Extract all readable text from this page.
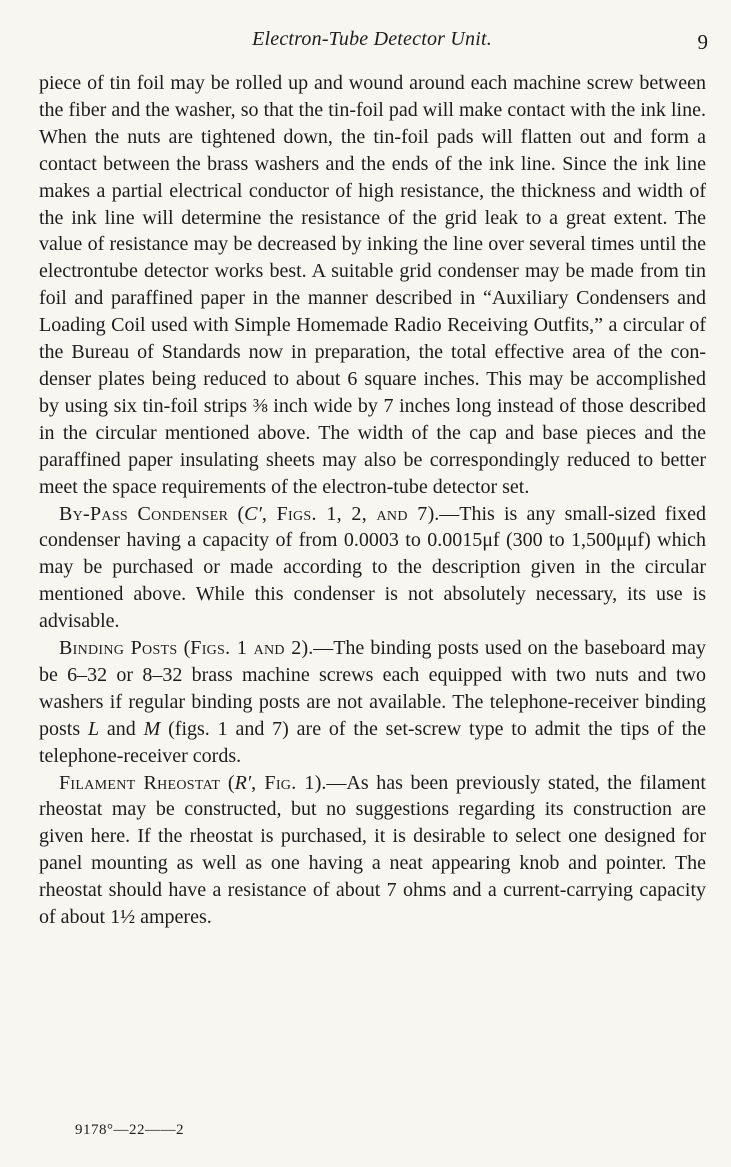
Electron-Tube Detector Unit.	9

piece of tin foil may be rolled up and wound around each machine screw between the fiber and the washer, so that the tin-foil pad will make contact with the ink line. When the nuts are tightened down, the tin-foil pads will flatten out and form a contact between the brass washers and the ends of the ink line. Since the ink line makes a partial electrical conductor of high resistance, the thickness and width of the ink line will determine the resistance of the grid leak to a great extent. The value of resistance may be decreased by inking the line over several times until the electrontube detector works best. A suitable grid condenser may be made from tin foil and paraffined paper in the manner described in “Auxiliary Condensers and Loading Coil used with Simple Homemade Radio Receiving Outfits,” a circular of the Bureau of Standards now in preparation, the total effective area of the condenser plates being reduced to about 6 square inches. This may be accomplished by using six tin-foil strips ⅜ inch wide by 7 inches long instead of those described in the circular mentioned above. The width of the cap and base pieces and the paraffined paper insulating sheets may also be correspondingly reduced to better meet the space requirements of the electron-tube detector set.

By-Pass Condenser (C′, Figs. 1, 2, and 7).—This is any small-sized fixed condenser having a capacity of from 0.0003 to 0.0015μf (300 to 1,500μμf) which may be purchased or made according to the description given in the circular mentioned above. While this condenser is not absolutely necessary, its use is advisable.

Binding Posts (Figs. 1 and 2).—The binding posts used on the baseboard may be 6–32 or 8–32 brass machine screws each equipped with two nuts and two washers if regular binding posts are not available. The telephone-receiver binding posts L and M (figs. 1 and 7) are of the set-screw type to admit the tips of the telephone-receiver cords.

Filament Rheostat (R′, Fig. 1).—As has been previously stated, the filament rheostat may be constructed, but no suggestions regarding its construction are given here. If the rheostat is purchased, it is desirable to select one designed for panel mounting as well as one having a neat appearing knob and pointer. The rheostat should have a resistance of about 7 ohms and a current-carrying capacity of about 1½ amperes.

9178°—22——2
